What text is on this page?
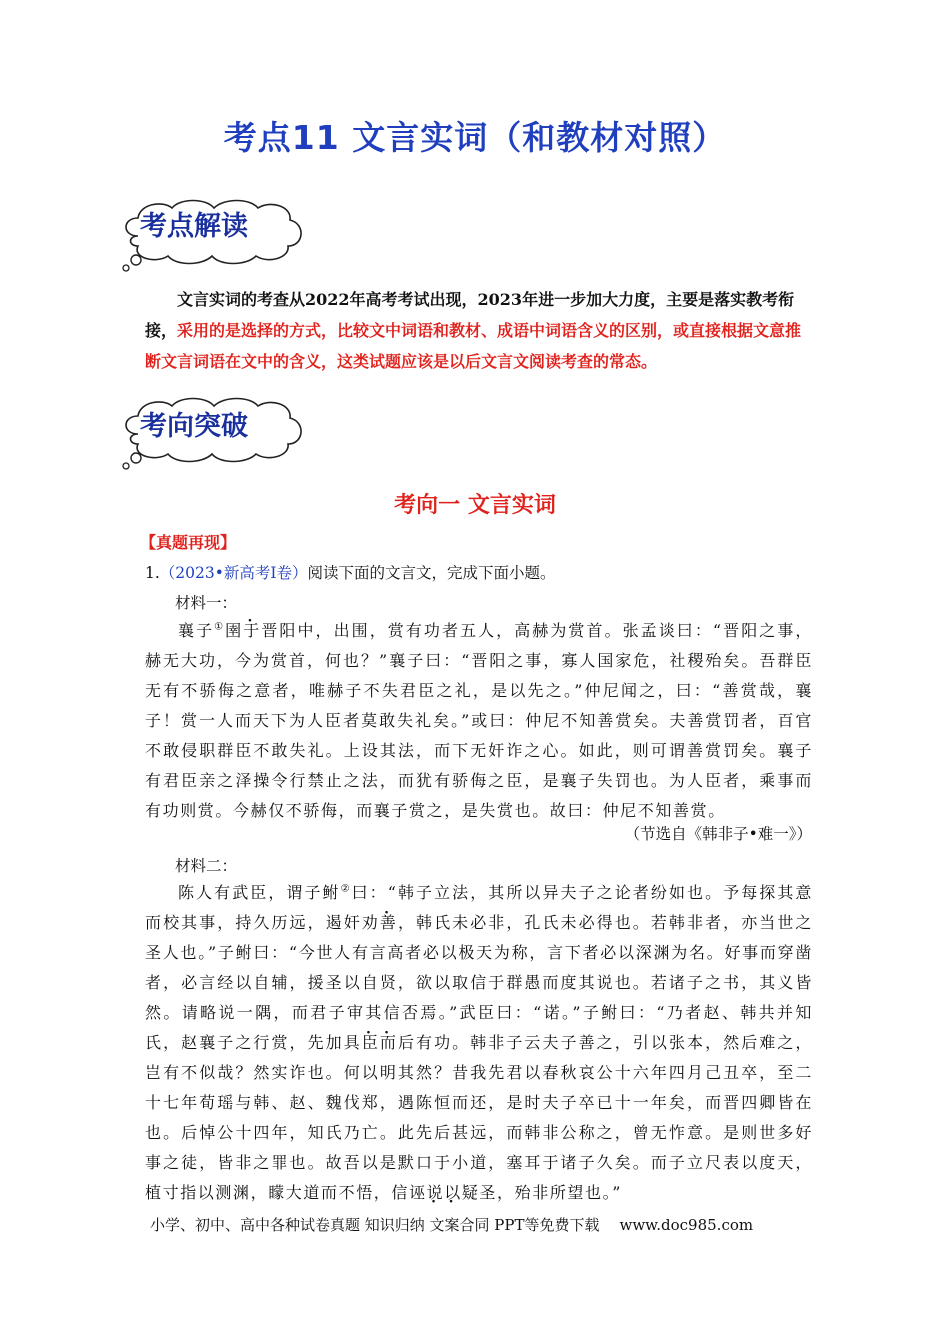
考点11 文言实词（和教材对照）
考点解读
文言实词的考查从2022年高考考试出现，2023年进一步加大力度，主要是落实教考衔接，采用的是选择的方式，比较文中词语和教材、成语中词语含义的区别，或直接根据文意推断文言词语在文中的含义，这类试题应该是以后文言文阅读考查的常态。
考向突破
考向一 文言实词
【真题再现】
1.（2023•新高考Ⅰ卷）阅读下面的文言文，完成下面小题。
材料一：
襄子①圉于晋阳中，出围，赏有功者五人，高赫为赏首。张孟谈曰：“晋阳之事，赫无大功，今为赏首，何也？”襄子曰：“晋阳之事，寡人国家危，社稷殆矣。吾群臣无有不骄侮之意者，唯赫子不失君臣之礼，是以先之。”仲尼闻之，曰：“善赏哉，襄子！赏一人而天下为人臣者莫敢失礼矣。”或曰：仲尼不知善赏矣。夫善赏罚者，百官不敢侵职群臣不敢失礼。上设其法，而下无奸诈之心。如此，则可谓善赏罚矣。襄子有君臣亲之泽操令行禁止之法，而犹有骄侮之臣，是襄子失罚也。为人臣者，乘事而有功则赏。今赫仅不骄侮，而襄子赏之，是失赏也。故曰：仲尼不知善赏。
（节选自《韩非子•难一》）
材料二：
陈人有武臣，谓子鲋②曰：“韩子立法，其所以异夫子之论者纷如也。予每探其意而校其事，持久历远，遏奸劝善，韩氏未必非，孔氏未必得也。若韩非者，亦当世之圣人也。”子鲋曰：“今世人有言高者必以极天为称，言下者必以深渊为名。好事而穿凿者，必言经以自辅，援圣以自贤，欲以取信于群愚而度其说也。若诸子之书，其义皆然。请略说一隅，而君子审其信否焉。”武臣曰：“诺。”子鲋曰：“乃者赵、韩共并知氏，赵襄子之行赏，先加具臣而后有功。韩非子云夫子善之，引以张本，然后难之，岂有不似哉？然实诈也。何以明其然？昔我先君以春秋哀公十六年四月己丑卒，至二十七年荀瑶与韩、赵、魏伐郑，遇陈恒而还，是时夫子卒已十一年矣，而晋四卿皆在也。后悼公十四年，知氏乃亡。此先后甚远，而韩非公称之，曾无怍意。是则世多好事之徒，皆非之罪也。故吾以是默口于小道，塞耳于诸子久矣。而子立尺表以度天，植寸指以测渊，矇大道而不悟，信诬说以疑圣，殆非所望也。”
小学、初中、高中各种试卷真题 知识归纳 文案合同 PPT等免费下载 www.doc985.com
